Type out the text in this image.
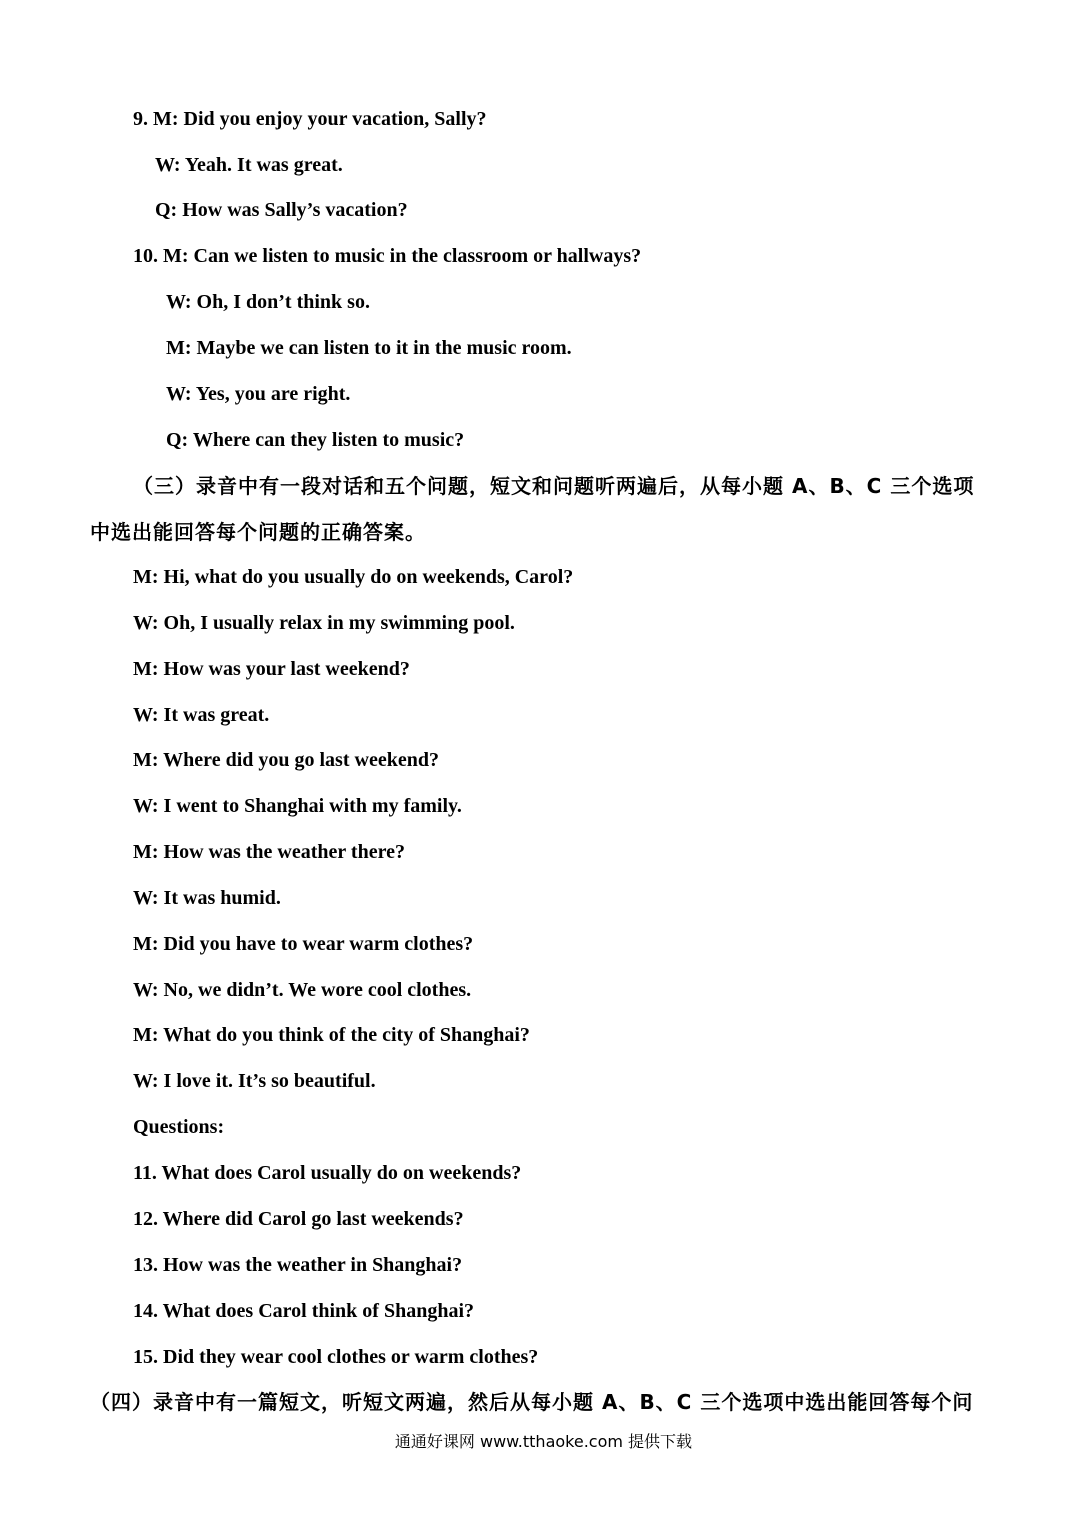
9. M: Did you enjoy your vacation, Sally?
W: Yeah. It was great.
Q: How was Sally’s vacation?
10. M: Can we listen to music in the classroom or hallways?
W: Oh, I don’t think so.
M: Maybe we can listen to it in the music room.
W: Yes, you are right.
Q: Where can they listen to music?
（三）录音中有一段对话和五个问题，短文和问题听两遍后，从每小题 A、B、C 三个选项
中选出能回答每个问题的正确答案。
M: Hi, what do you usually do on weekends, Carol?
W: Oh, I usually relax in my swimming pool.
M: How was your last weekend?
W: It was great.
M: Where did you go last weekend?
W: I went to Shanghai with my family.
M: How was the weather there?
W: It was humid.
M: Did you have to wear warm clothes?
W: No, we didn’t. We wore cool clothes.
M: What do you think of the city of Shanghai?
W: I love it. It’s so beautiful.
Questions:
11. What does Carol usually do on weekends?
12. Where did Carol go last weekends?
13. How was the weather in Shanghai?
14. What does Carol think of Shanghai?
15. Did they wear cool clothes or warm clothes?
（四）录音中有一篇短文，听短文两遍，然后从每小题 A、B、C 三个选项中选出能回答每个问
通通好课网 www.tthaoke.com 提供下载
